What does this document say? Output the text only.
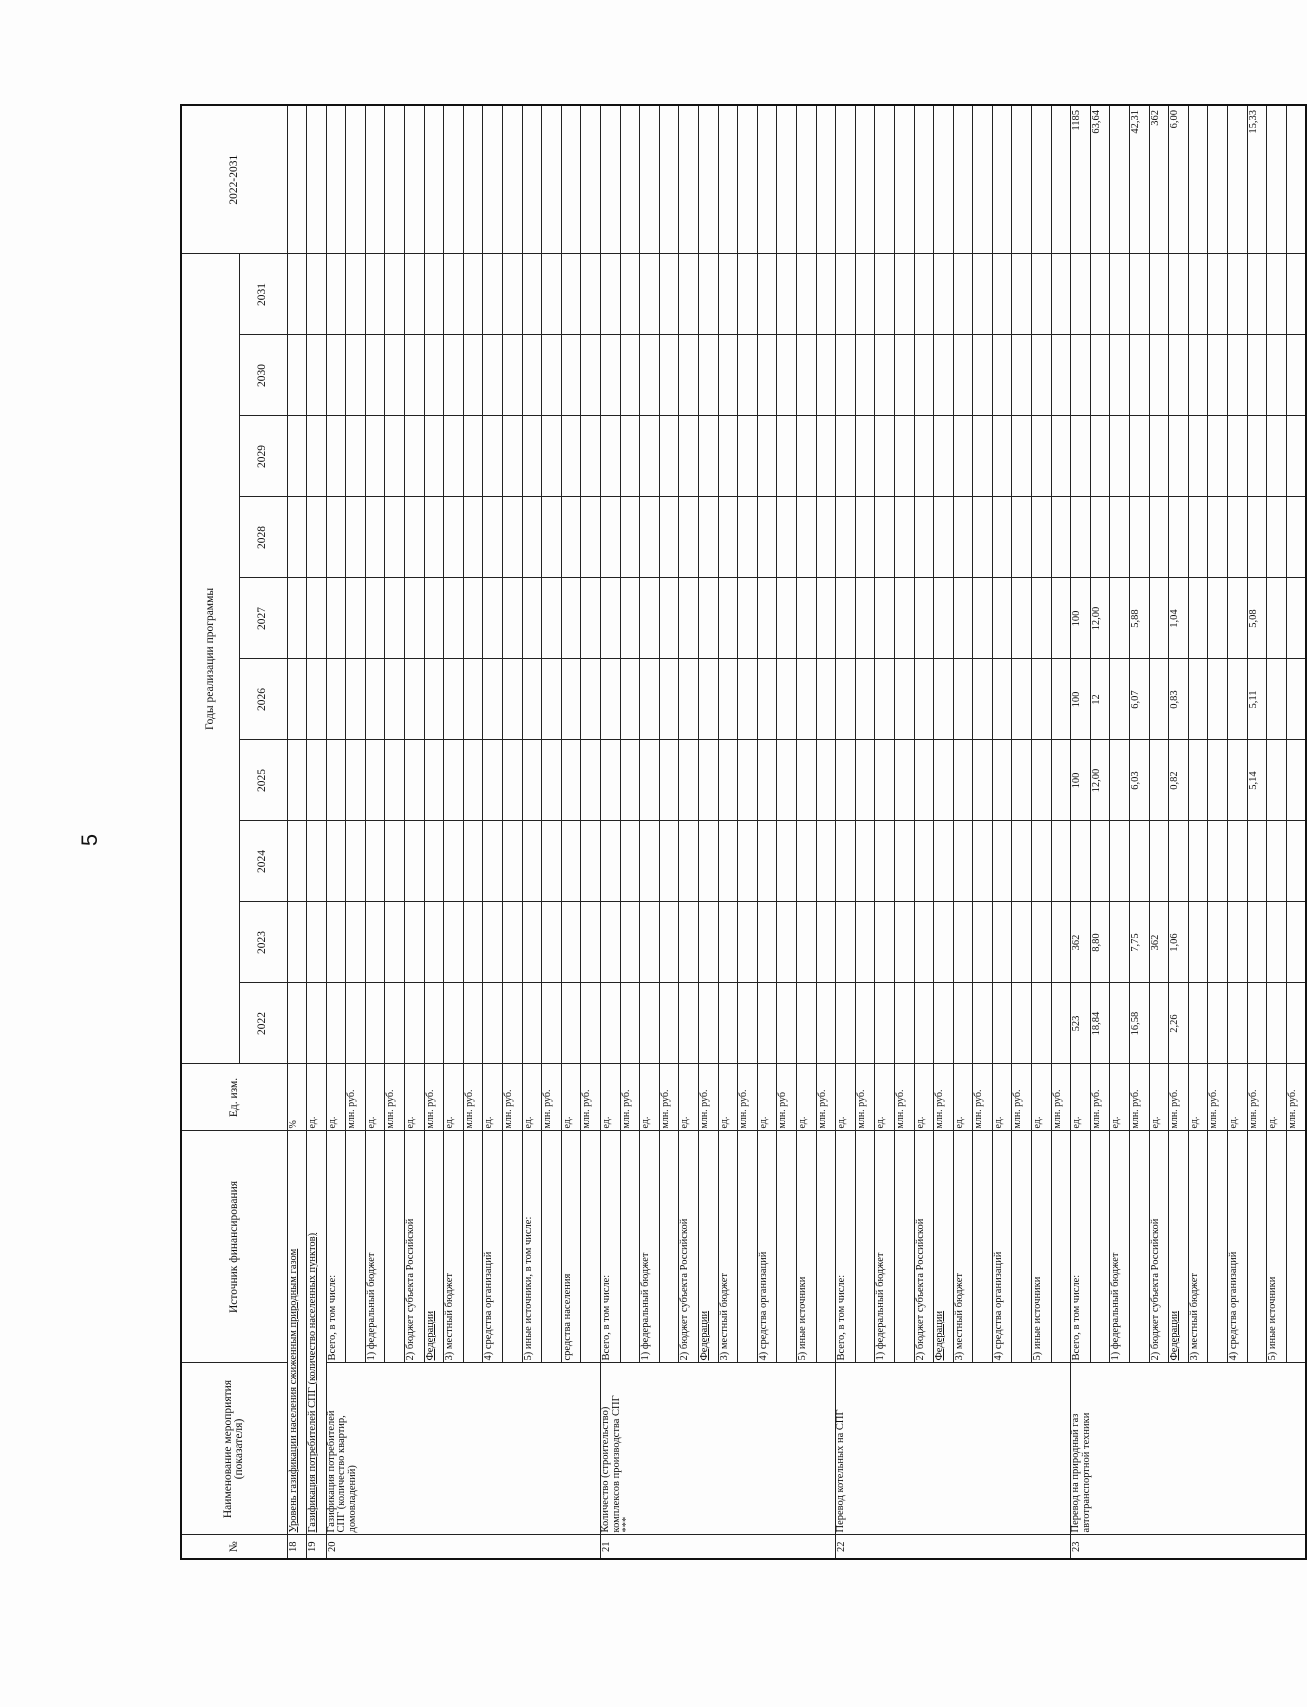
5
№	Наименование мероприятия (показателя)	Источник финансирования	Ед. изм.	Годы реализации программы										2022-2031
				2022	2023	2024	2025	2026	2027	2028	2029	2030	2031	
18	Уровень газификации населения сжиженным природным газом		%											
19	Газификация потребителей СПГ (количество населенных пунктов)		ед.											
20	Газификация потребителей СПГ (количество квартир, домовладений)	Всего, в том числе:	ед.											
			млн. руб.											
		1) федеральный бюджет	ед.											
			млн. руб.											
		2) бюджет субъекта Российской	ед.											
		Федерации	млн. руб.											
		3) местный бюджет	ед.											
			млн. руб.											
		4) средства организаций	ед.											
			млн. руб.											
		5) иные источники, в том числе:	ед.											
			млн. руб.											
		средства населения	ед.											
			млн. руб.											
21	Количество (строительство) комплексов производства СПГ ***	Всего, в том числе:	ед.											
			млн. руб.											
		1) федеральный бюджет	ед.											
			млн. руб.											
		2) бюджет субъекта Российской	ед.											
		Федерации	млн. руб.											
		3) местный бюджет	ед.											
			млн. руб.											
		4) средства организаций	ед.											
			млн. руб											
		5) иные источники	ед.											
			млн. руб.											
22	Перевод котельных на СПГ	Всего, в том числе:	ед.											
			млн. руб.											
		1) федеральный бюджет	ед.											
			млн. руб.											
		2) бюджет субъекта Российской	ед.											
		Федерации	млн. руб.											
		3) местный бюджет	ед.											
			млн. руб.											
		4) средства организаций	ед.											
			млн. руб.											
		5) иные источники	ед.											
			млн. руб.											
23	Перевод на природный газ автотранспортной техники	Всего, в том числе:	ед.	523	362		100	100	100					1185
			млн. руб.	18,84	8,80		12,00	12	12,00					63,64
		1) федеральный бюджет	ед.											
			млн. руб.	16,58	7,75		6,03	6,07	5,88					42,31
		2) бюджет субъекта Российской	ед.		362									362
		Федерации	млн. руб.	2,26	1,06		0,82	0,83	1,04					6,00
		3) местный бюджет	ед.											
			млн. руб.											
		4) средства организаций	ед.											
			млн. руб.				5,14	5,11	5,08					15,33
		5) иные источники	ед.											
			млн. руб.											
